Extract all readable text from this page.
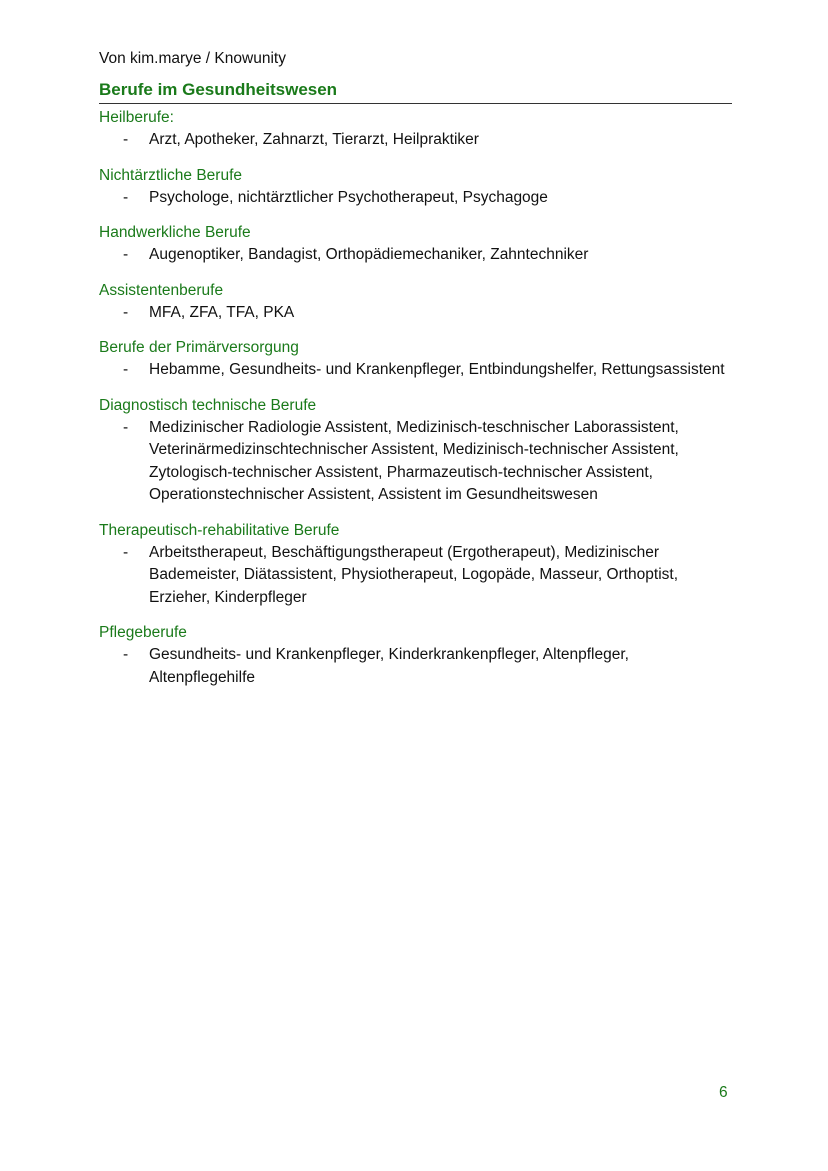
Von kim.marye / Knowunity
Berufe im Gesundheitswesen
Heilberufe:
- Arzt, Apotheker, Zahnarzt, Tierarzt, Heilpraktiker
Nichtärztliche Berufe
- Psychologe, nichtärztlicher Psychotherapeut, Psychagoge
Handwerkliche Berufe
- Augenoptiker, Bandagist, Orthopädiemechaniker, Zahntechniker
Assistentenberufe
- MFA, ZFA, TFA, PKA
Berufe der Primärversorgung
- Hebamme, Gesundheits- und Krankenpfleger, Entbindungshelfer, Rettungsassistent
Diagnostisch technische Berufe
- Medizinischer Radiologie Assistent, Medizinisch-teschnischer Laborassistent, Veterinärmedizinschtechnischer Assistent, Medizinisch-technischer Assistent, Zytologisch-technischer Assistent, Pharmazeutisch-technischer Assistent, Operationstechnischer Assistent, Assistent im Gesundheitswesen
Therapeutisch-rehabilitative Berufe
- Arbeitstherapeut, Beschäftigungstherapeut (Ergotherapeut), Medizinischer Bademeister, Diätassistent, Physiotherapeut, Logopäde, Masseur, Orthoptist, Erzieher, Kinderpfleger
Pflegeberufe
- Gesundheits- und Krankenpfleger, Kinderkrankenpfleger, Altenpfleger, Altenpflegehilfe
6
